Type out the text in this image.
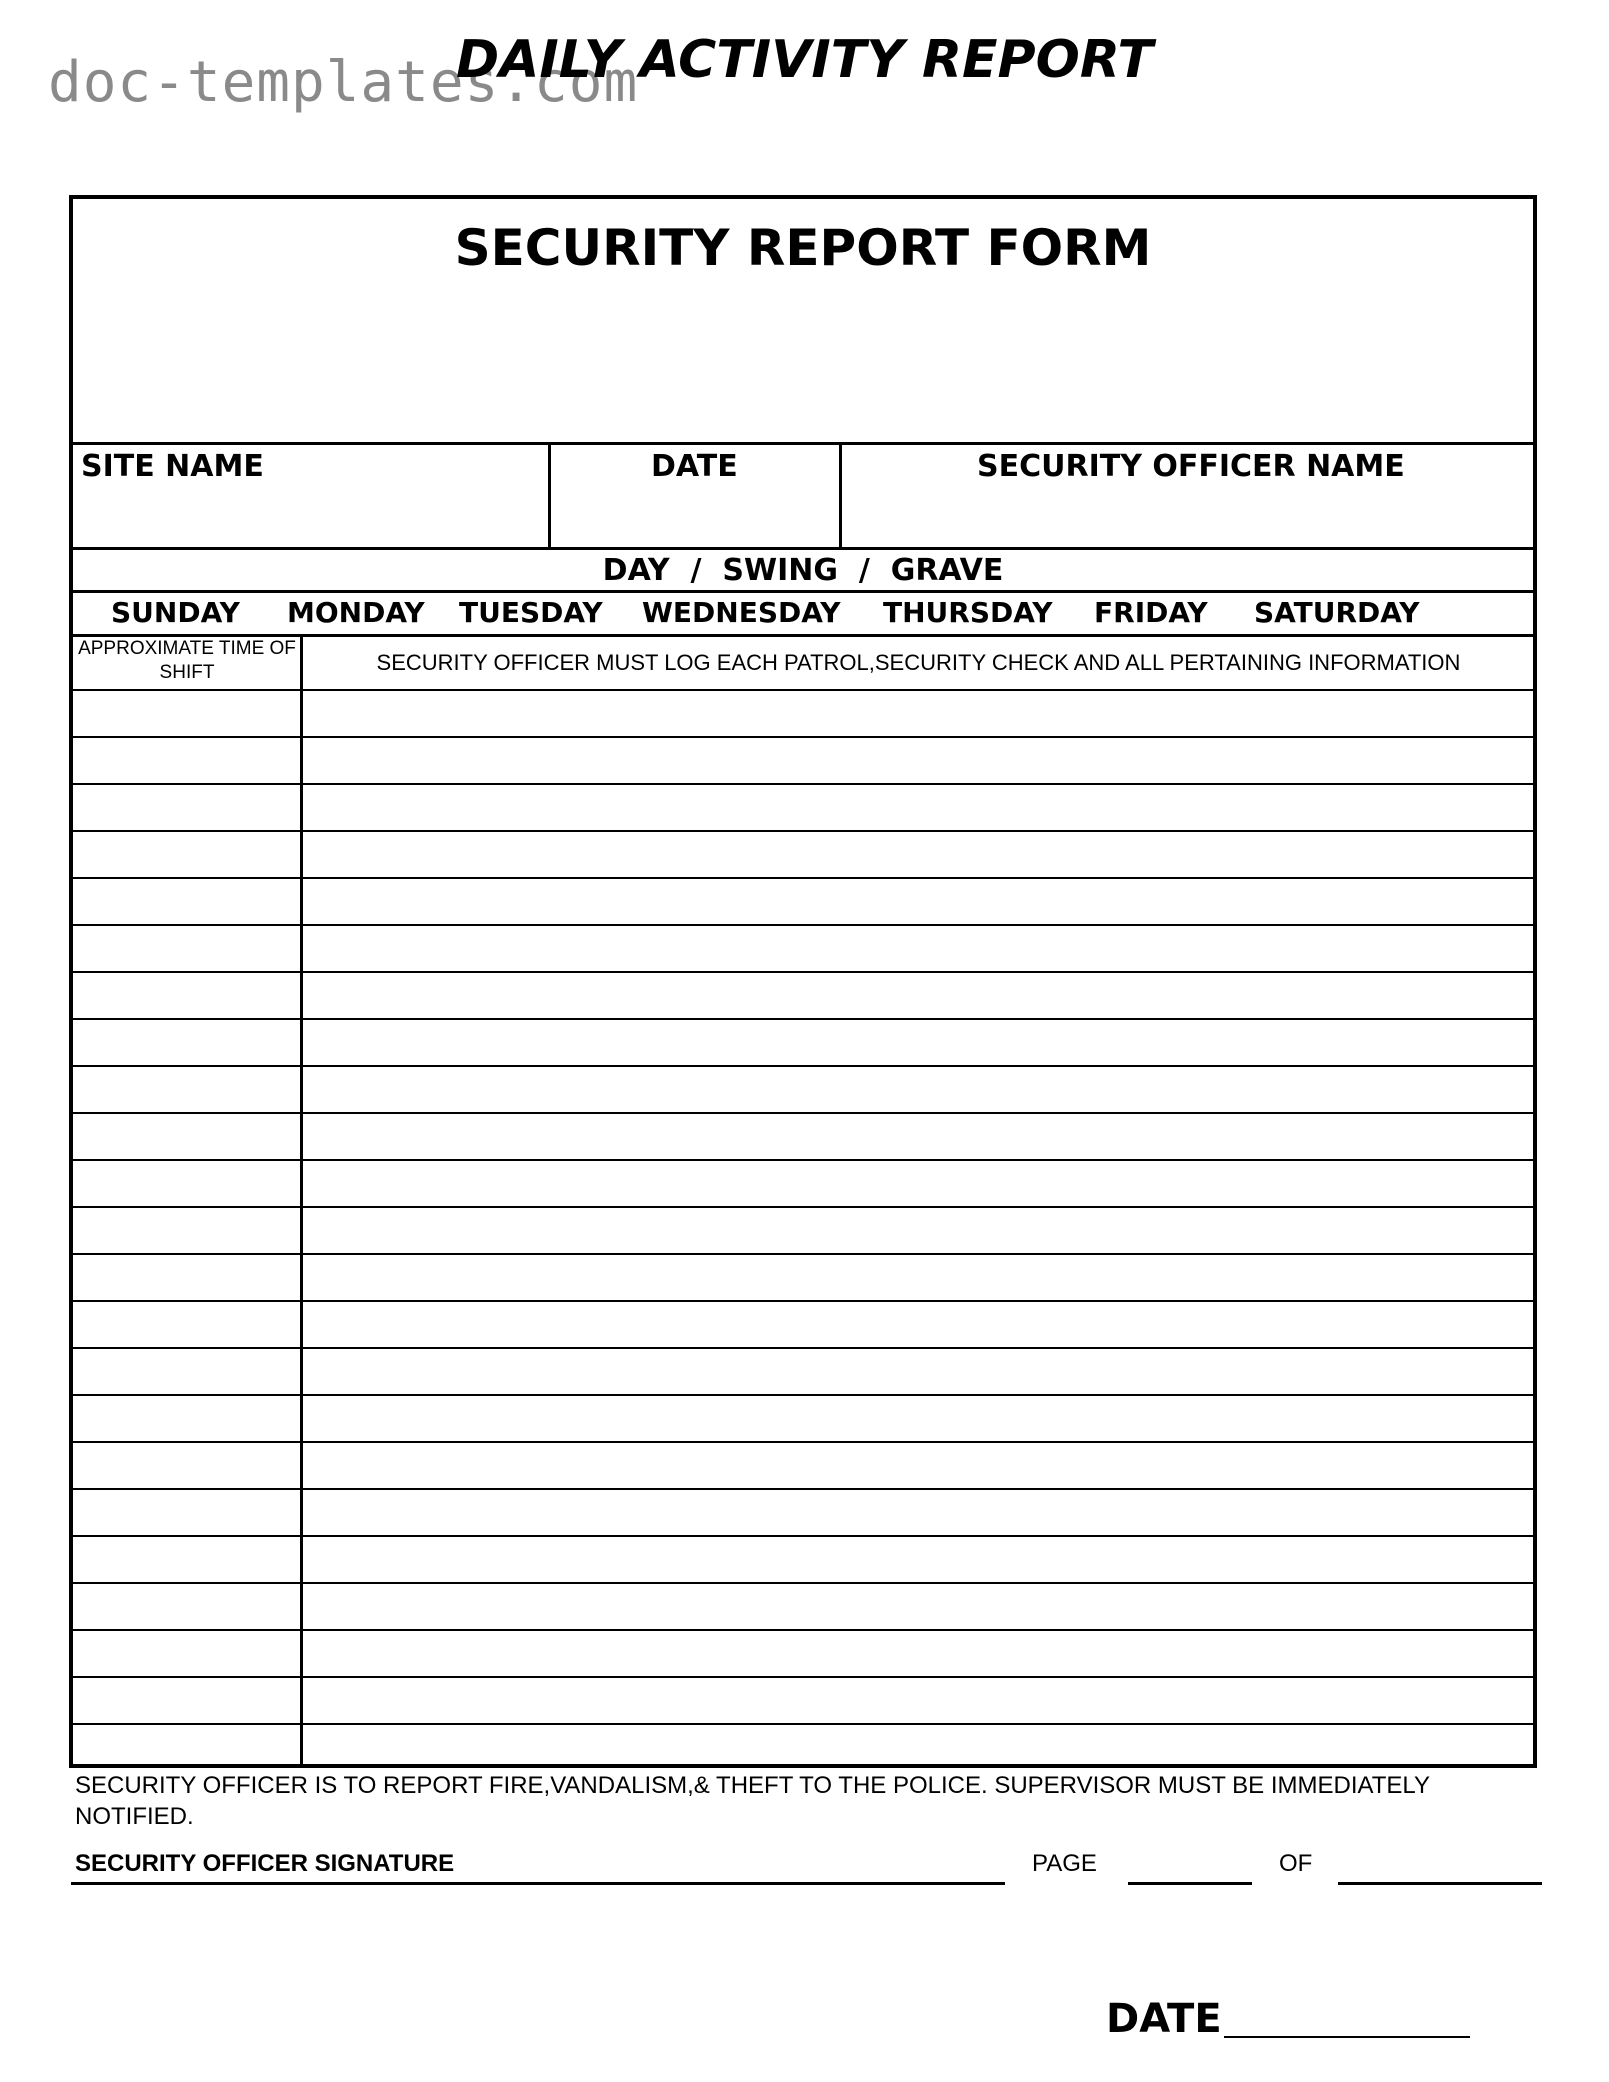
doc-templates.com
DAILY ACTIVITY REPORT
SECURITY REPORT FORM
SITE NAME	DATE	SECURITY OFFICER NAME
DAY  /  SWING  /  GRAVE
SUNDAY MONDAY TUESDAY WEDNESDAY THURSDAY FRIDAY SATURDAY
APPROXIMATE TIME OF SHIFT	SECURITY OFFICER MUST LOG EACH PATROL,SECURITY CHECK AND ALL PERTAINING INFORMATION
SECURITY OFFICER IS TO REPORT FIRE,VANDALISM,& THEFT TO THE POLICE. SUPERVISOR MUST BE IMMEDIATELY NOTIFIED.
SECURITY OFFICER SIGNATURE	PAGE	OF
DATE
